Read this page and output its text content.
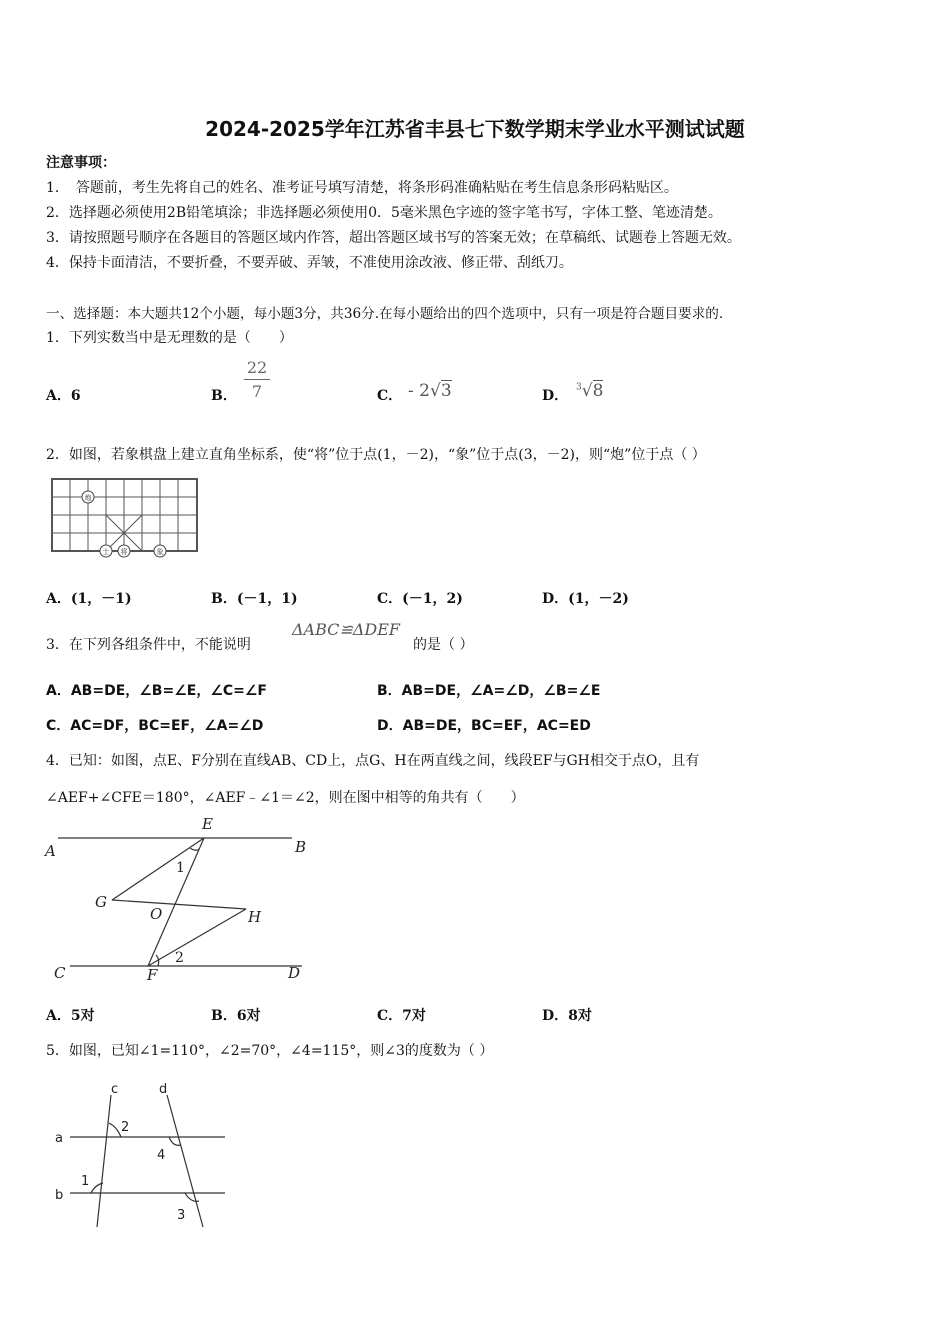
2024-2025学年江苏省丰县七下数学期末学业水平测试试题
注意事项：
1．　答题前，考生先将自己的姓名、准考证号填写清楚，将条形码准确粘贴在考生信息条形码粘贴区。
2．选择题必须使用2B铅笔填涂；非选择题必须使用0．5毫米黑色字迹的签字笔书写，字体工整、笔迹清楚。
3．请按照题号顺序在各题目的答题区域内作答，超出答题区域书写的答案无效；在草稿纸、试题卷上答题无效。
4．保持卡面清洁，不要折叠，不要弄破、弄皱，不准使用涂改液、修正带、刮纸刀。
一、选择题：本大题共12个小题，每小题3分，共36分.在每小题给出的四个选项中，只有一项是符合题目要求的.
1．下列实数当中是无理数的是（　　）
A．6	B．
22
7	C． - 2√3	D．
$^3$√8
2．如图，若象棋盘上建立直角坐标系，使“将”位于点(1，－2)，“象”位于点(3，－2)，则“炮”位于点（ ）
炮
士 将	象
A．(1，－1)	B．(－1，1)	C．(－1，2)	D．(1，－2)
3．在下列各组条件中，不能说明
ΔABC≌ΔDEF
的是（ ）
A．AB=DE，∠B=∠E，∠C=∠F	B．AB=DE，∠A=∠D，∠B=∠E
C．AC=DF，BC=EF，∠A=∠D	D．AB=DE，BC=EF，AC=ED
4．已知：如图，点E、F分别在直线AB、CD上，点G、H在两直线之间，线段EF与GH相交于点O，且有
∠AEF+∠CFE＝180°，∠AEF﹣∠1＝∠2，则在图中相等的角共有（　　）
A	B
E
G
O	H
C	F	D
1
2
A．5对	B．6对	C．7对	D．8对
5．如图，已知∠1=110°，∠2=70°，∠4=115°，则∠3的度数为（ ）
a
b
c	d
2
4
1
3
